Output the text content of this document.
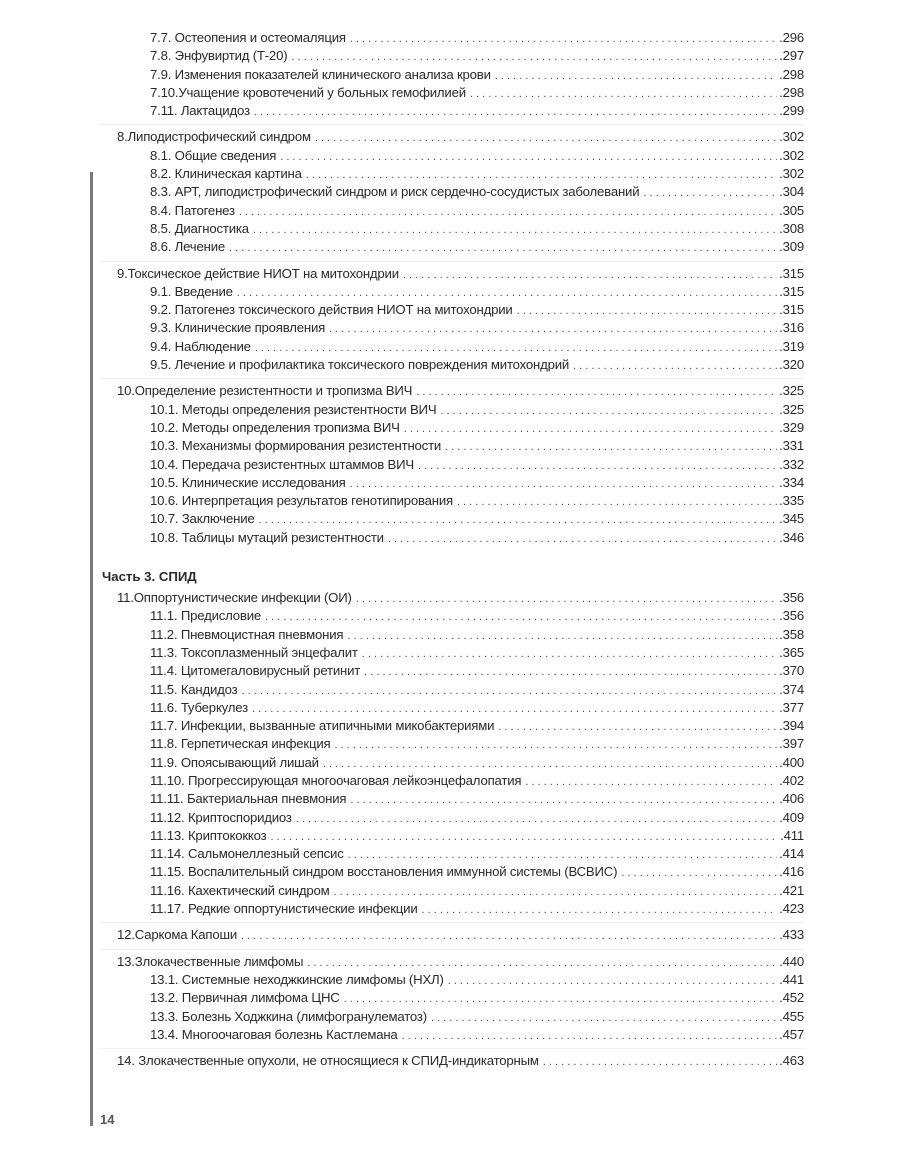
7.7. Остеопения и остеомаляция . . .	.296
7.8. Энфувиртид (Т-20) . . .	.297
7.9. Изменения показателей клинического анализа крови . . .	.298
7.10.Учащение кровотечений у больных гемофилией . . .	.298
7.11. Лактацидоз . . .	.299
8.Липодистрофический синдром . . .	.302
8.1. Общие сведения . . .	.302
8.2. Клиническая картина . . .	.302
8.3. АРТ, липодистрофический синдром и риск сердечно-сосудистых заболеваний . . .	.304
8.4. Патогенез . . .	.305
8.5. Диагностика . . .	.308
8.6. Лечение . . .	.309
9.Токсическое действие НИОТ на митохондрии . . .	.315
9.1. Введение . . .	.315
9.2. Патогенез токсического действия НИОТ на митохондрии . . .	.315
9.3. Клинические проявления . . .	.316
9.4. Наблюдение . . .	.319
9.5. Лечение и профилактика токсического повреждения митохондрий . . .	.320
10.Определение резистентности и тропизма ВИЧ . . .	.325
10.1. Методы определения резистентности ВИЧ . . .	.325
10.2. Методы определения тропизма ВИЧ . . .	.329
10.3. Механизмы формирования резистентности . . .	.331
10.4. Передача резистентных штаммов ВИЧ . . .	.332
10.5. Клинические исследования . . .	.334
10.6. Интерпретация результатов генотипирования . . .	.335
10.7. Заключение . . .	.345
10.8. Таблицы мутаций резистентности . . .	.346
Часть 3. СПИД
11.Оппортунистические инфекции (ОИ) . . .	.356
11.1. Предисловие . . .	.356
11.2. Пневмоцистная пневмония . . .	.358
11.3. Токсоплазменный энцефалит . . .	.365
11.4. Цитомегаловирусный ретинит . . .	.370
11.5. Кандидоз . . .	.374
11.6. Туберкулез . . .	.377
11.7. Инфекции, вызванные атипичными микобактериями . . .	.394
11.8. Герпетическая инфекция . . .	.397
11.9. Опоясывающий лишай . . .	.400
11.10. Прогрессирующая многоочаговая лейкоэнцефалопатия . . .	.402
11.11. Бактериальная пневмония . . .	.406
11.12. Криптоспоридиоз . . .	.409
11.13. Криптококкоз . . .	.411
11.14. Сальмонеллезный сепсис . . .	.414
11.15. Воспалительный синдром восстановления иммунной системы (ВСВИС) . . .	.416
11.16. Кахектический синдром . . .	.421
11.17. Редкие оппортунистические инфекции . . .	.423
12.Саркома Капоши . . .	.433
13.Злокачественные лимфомы . . .	.440
13.1. Системные неходжкинские лимфомы (НХЛ) . . .	.441
13.2. Первичная лимфома ЦНС . . .	.452
13.3. Болезнь Ходжкина (лимфогранулематоз) . . .	.455
13.4. Многоочаговая болезнь Кастлемана . . .	.457
14. Злокачественные опухоли, не относящиеся к СПИД-индикаторным . . .	.463
14
